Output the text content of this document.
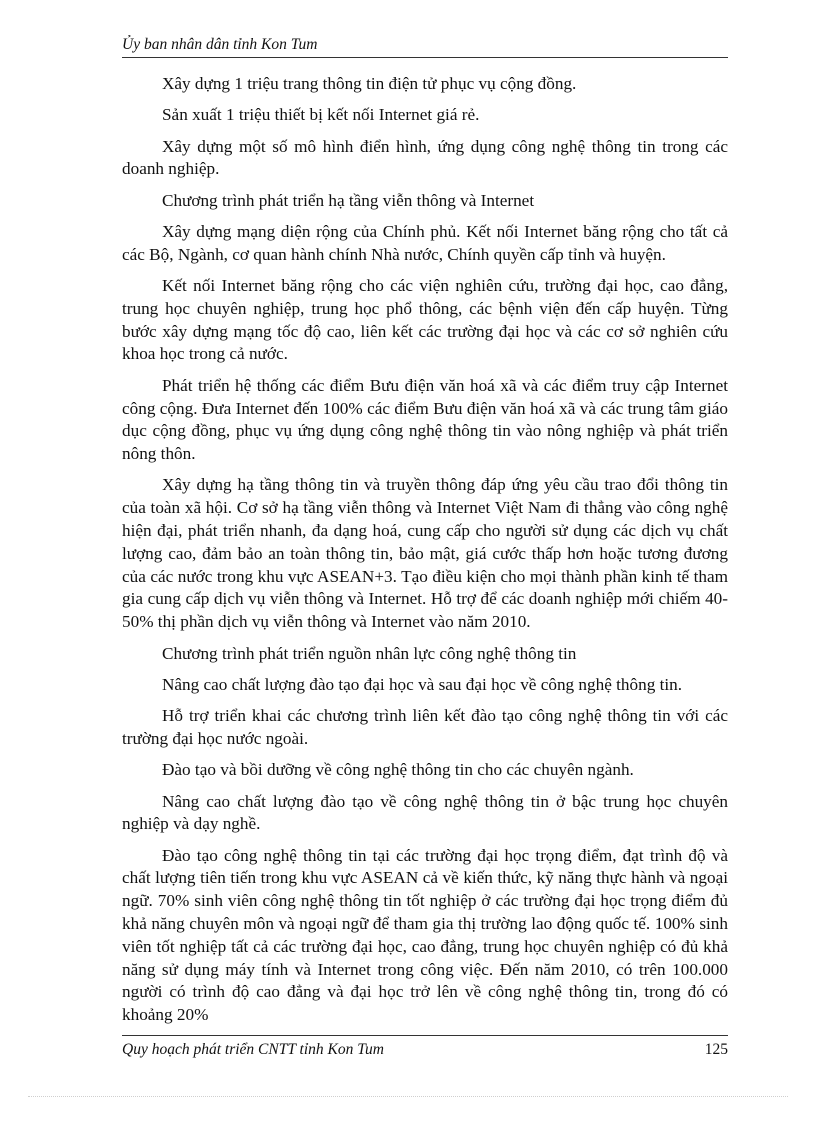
Ủy ban nhân dân tỉnh Kon Tum

Xây dựng 1 triệu trang thông tin điện tử phục vụ cộng đồng.

Sản xuất 1 triệu thiết bị kết nối Internet giá rẻ.

Xây dựng một số mô hình điển hình, ứng dụng công nghệ thông tin trong các doanh nghiệp.

Chương trình phát triển hạ tầng viễn thông và Internet

Xây dựng mạng diện rộng của Chính phủ. Kết nối Internet băng rộng cho tất cả các Bộ, Ngành, cơ quan hành chính Nhà nước, Chính quyền cấp tỉnh và huyện.

Kết nối Internet băng rộng cho các viện nghiên cứu, trường đại học, cao đẳng, trung học chuyên nghiệp, trung học phổ thông, các bệnh viện đến cấp huyện. Từng bước xây dựng mạng tốc độ cao, liên kết các trường đại học và các cơ sở nghiên cứu khoa học trong cả nước.

Phát triển hệ thống các điểm Bưu điện văn hoá xã và các điểm truy cập Internet công cộng. Đưa Internet đến 100% các điểm Bưu điện văn hoá xã và các trung tâm giáo dục cộng đồng, phục vụ ứng dụng công nghệ thông tin vào nông nghiệp và phát triển nông thôn.

Xây dựng hạ tầng thông tin và truyền thông đáp ứng yêu cầu trao đổi thông tin của toàn xã hội. Cơ sở hạ tầng viễn thông và Internet Việt Nam đi thẳng vào công nghệ hiện đại, phát triển nhanh, đa dạng hoá, cung cấp cho người sử dụng các dịch vụ chất lượng cao, đảm bảo an toàn thông tin, bảo mật, giá cước thấp hơn hoặc tương đương của các nước trong khu vực ASEAN+3. Tạo điều kiện cho mọi thành phần kinh tế tham gia cung cấp dịch vụ viễn thông và Internet. Hỗ trợ để các doanh nghiệp mới chiếm 40-50% thị phần dịch vụ viễn thông và Internet vào năm 2010.

Chương trình phát triển nguồn nhân lực công nghệ thông tin

Nâng cao chất lượng đào tạo đại học và sau đại học về công nghệ thông tin.

Hỗ trợ triển khai các chương trình liên kết đào tạo công nghệ thông tin với các trường đại học nước ngoài.

Đào tạo và bồi dưỡng về công nghệ thông tin cho các chuyên ngành.

Nâng cao chất lượng đào tạo về công nghệ thông tin ở bậc trung học chuyên nghiệp và dạy nghề.

Đào tạo công nghệ thông tin tại các trường đại học trọng điểm, đạt trình độ và chất lượng tiên tiến trong khu vực ASEAN cả về kiến thức, kỹ năng thực hành và ngoại ngữ. 70% sinh viên công nghệ thông tin tốt nghiệp ở các trường đại học trọng điểm đủ khả năng chuyên môn và ngoại ngữ để tham gia thị trường lao động quốc tế. 100% sinh viên tốt nghiệp tất cả các trường đại học, cao đẳng, trung học chuyên nghiệp có đủ khả năng sử dụng máy tính và Internet trong công việc. Đến năm 2010, có trên 100.000 người có trình độ cao đẳng và đại học trở lên về công nghệ thông tin, trong đó có khoảng 20%

Quy hoạch phát triển CNTT tỉnh Kon Tum	125
